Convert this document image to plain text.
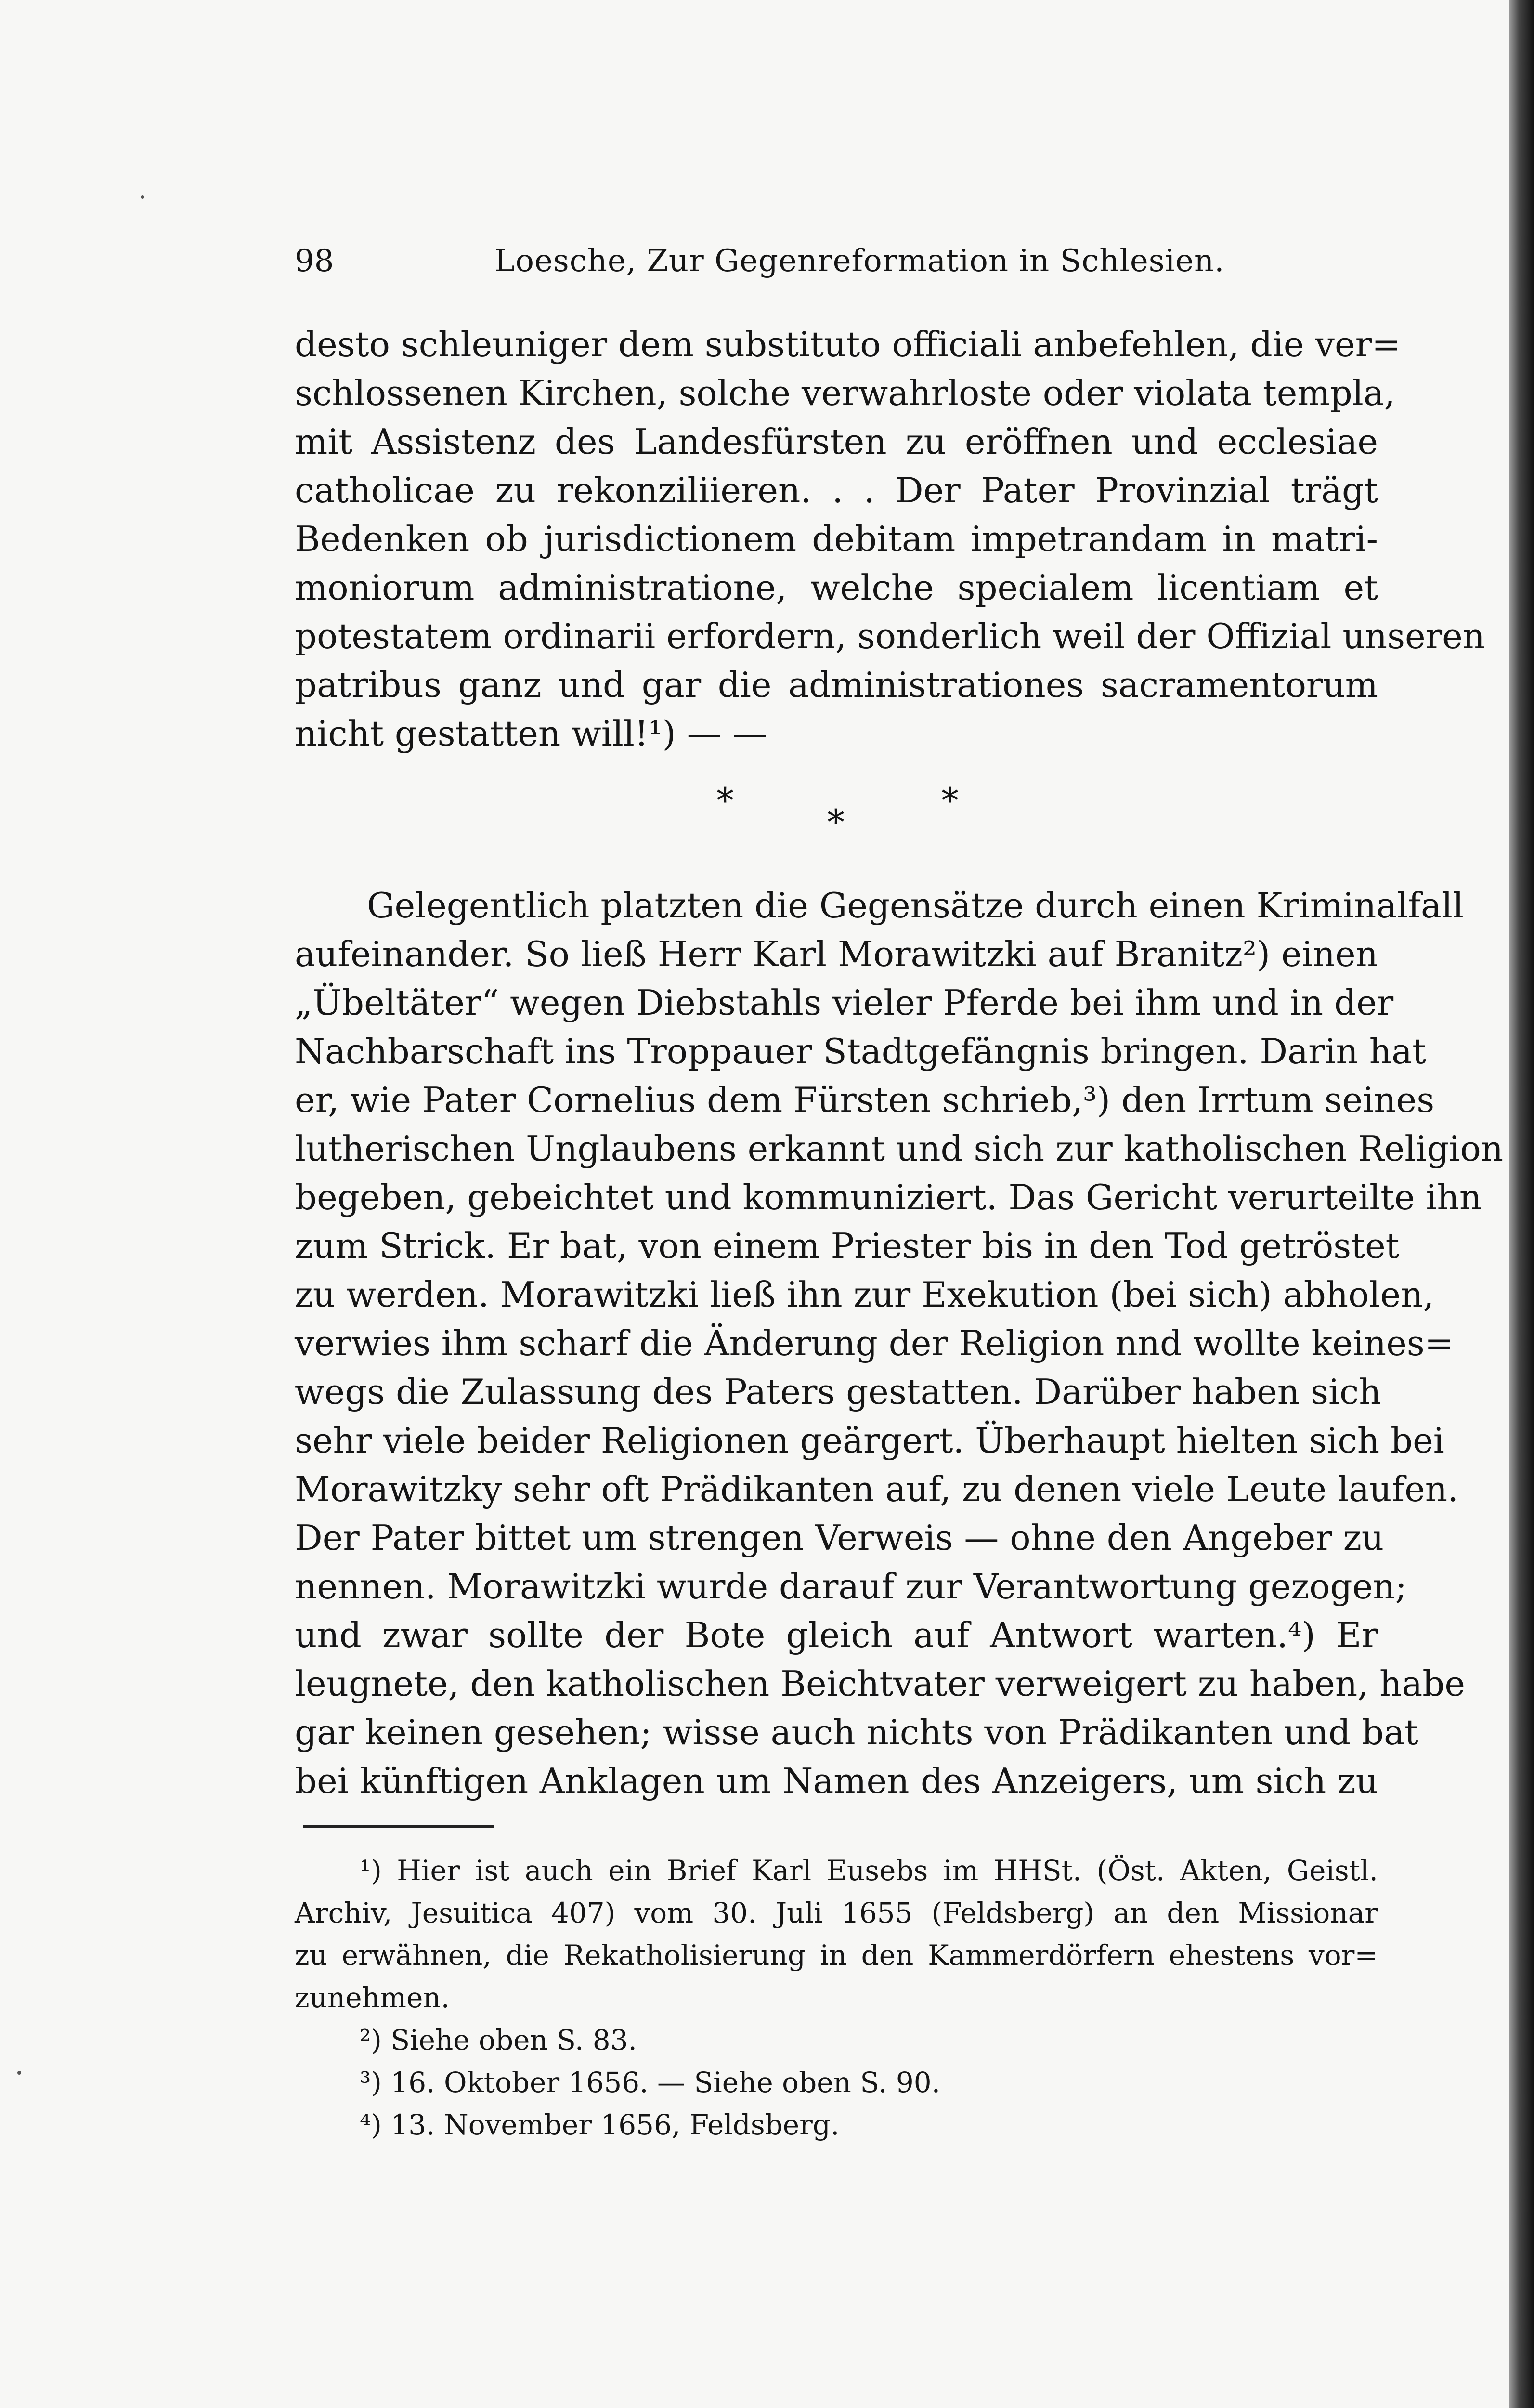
98	Loesche, Zur Gegenreformation in Schlesien.
desto schleuniger dem substituto officiali anbefehlen, die ver=
schlossenen Kirchen, solche verwahrloste oder violata templa,
mit Assistenz des Landesfürsten zu eröffnen und ecclesiae
catholicae zu rekonziliieren. . . Der Pater Provinzial trägt
Bedenken ob jurisdictionem debitam impetrandam in matri-
moniorum administratione, welche specialem licentiam et
potestatem ordinarii erfordern, sonderlich weil der Offizial unseren
patribus ganz und gar die administrationes sacramentorum
nicht gestatten will!¹) — —
*
*
*
Gelegentlich platzten die Gegensätze durch einen Kriminalfall
aufeinander. So ließ Herr Karl Morawitzki auf Branitz²) einen
„Übeltäter“ wegen Diebstahls vieler Pferde bei ihm und in der
Nachbarschaft ins Troppauer Stadtgefängnis bringen. Darin hat
er, wie Pater Cornelius dem Fürsten schrieb,³) den Irrtum seines
lutherischen Unglaubens erkannt und sich zur katholischen Religion
begeben, gebeichtet und kommuniziert. Das Gericht verurteilte ihn
zum Strick. Er bat, von einem Priester bis in den Tod getröstet
zu werden. Morawitzki ließ ihn zur Exekution (bei sich) abholen,
verwies ihm scharf die Änderung der Religion nnd wollte keines=
wegs die Zulassung des Paters gestatten. Darüber haben sich
sehr viele beider Religionen geärgert. Überhaupt hielten sich bei
Morawitzky sehr oft Prädikanten auf, zu denen viele Leute laufen.
Der Pater bittet um strengen Verweis — ohne den Angeber zu
nennen. Morawitzki wurde darauf zur Verantwortung gezogen;
und zwar sollte der Bote gleich auf Antwort warten.⁴) Er
leugnete, den katholischen Beichtvater verweigert zu haben, habe
gar keinen gesehen; wisse auch nichts von Prädikanten und bat
bei künftigen Anklagen um Namen des Anzeigers, um sich zu
¹) Hier ist auch ein Brief Karl Eusebs im HHSt. (Öst. Akten, Geistl.
Archiv, Jesuitica 407) vom 30. Juli 1655 (Feldsberg) an den Missionar
zu erwähnen, die Rekatholisierung in den Kammerdörfern ehestens vor=
zunehmen.
²) Siehe oben S. 83.
³) 16. Oktober 1656. — Siehe oben S. 90.
⁴) 13. November 1656, Feldsberg.
